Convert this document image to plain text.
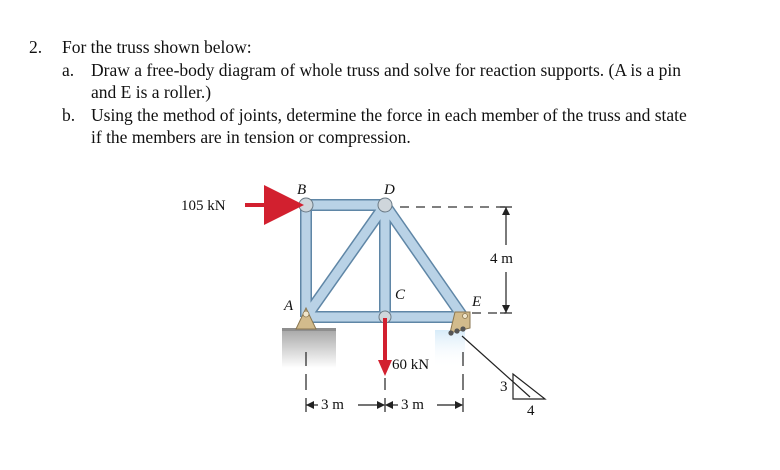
2. For the truss shown below:
a. Draw a free-body diagram of whole truss and solve for reaction supports. (A is a pin
and E is a roller.)
b. Using the method of joints, determine the force in each member of the truss and state
if the members are in tension or compression.
B	D
A
C	E
105 kN
60 kN
4 m
3 m	3 m
3
4
